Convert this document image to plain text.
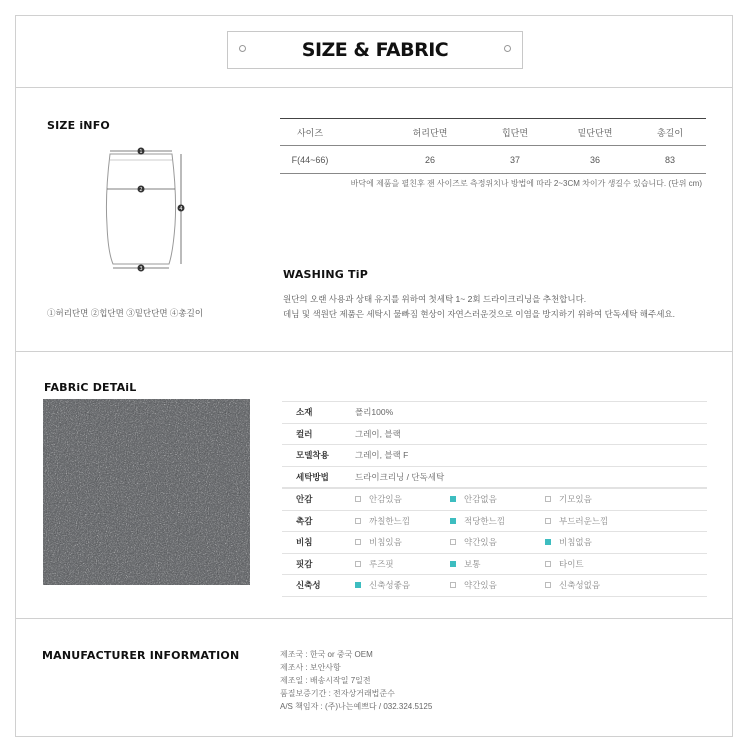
SIZE & FABRIC
SIZE iNFO
1
2
3
4
①허리단면 ②힙단면 ③밑단단면 ④총길이
사이즈	허리단면	힙단면	밑단단면	총길이
F(44~66)	26	37	36	83
바닥에 제품을 펼친후 잰 사이즈로 측정위치나 방법에 따라 2~3CM 차이가 생길수 있습니다. (단위 cm)
WASHING TiP
원단의 오랜 사용과 상태 유지를 위하여 첫세탁 1~ 2회 드라이크리닝을 추천합니다.
데님 및 색원단 제품은 세탁시 물빠짐 현상이 자연스러운것으로 이염을 방지하기 위하여 단독세탁 해주세요.
FABRiC DETAiL
소재	폴리100%
컬러	그레이, 블랙
모델착용	그레이, 블랙 F
세탁방법	드라이크리닝 / 단독세탁
안감	안감있음	안감없음	기모있음
촉감	까칠한느낌	적당한느낌	부드러운느낌
비침	비침있음	약간있음	비침없음
핏감	루즈핏	보통	타이트
신축성	신축성좋음	약간있음	신축성없음
MANUFACTURER INFORMATION	제조국 : 한국 or 중국 OEM
제조사 : 보안사항
제조일 : 배송시작일 7일전
품질보증기간 : 전자상거래법준수
A/S 책임자 : (주)나는예쁘다 / 032.324.5125
